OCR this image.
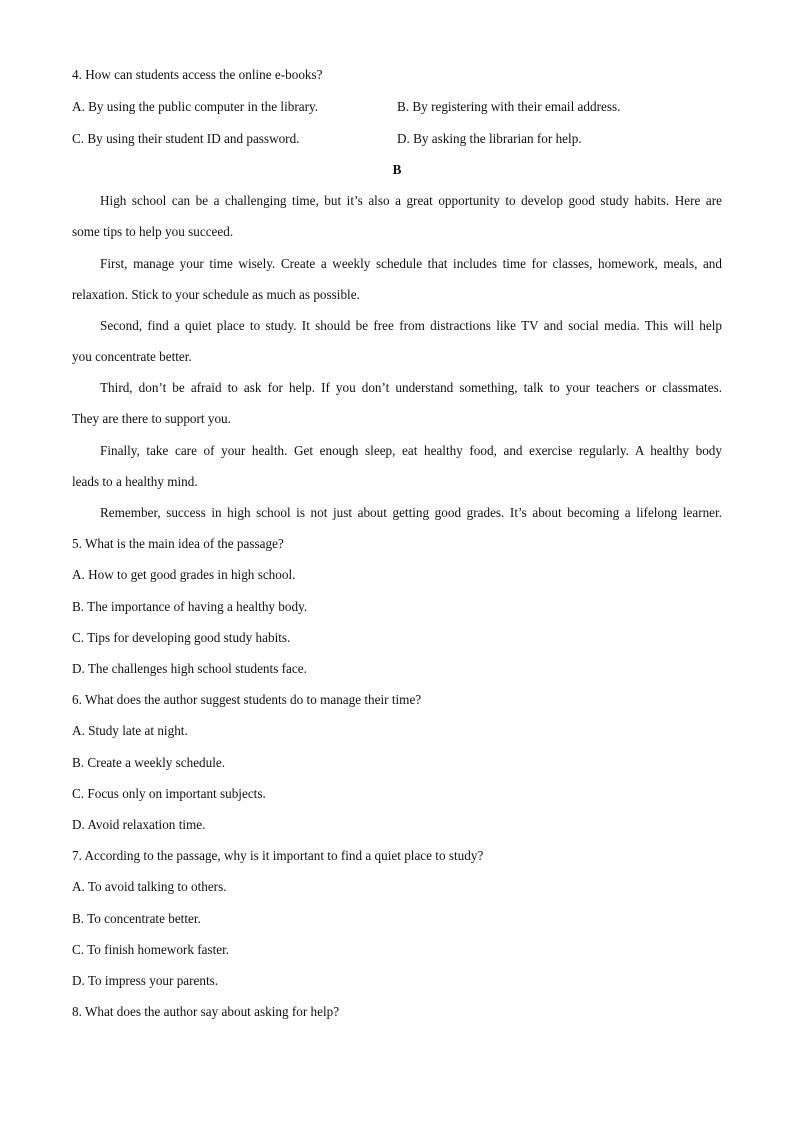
4. How can students access the online e-books?
A. By using the public computer in the library.	B. By registering with their email address.
C. By using their student ID and password.	D. By asking the librarian for help.
B
High school can be a challenging time, but it’s also a great opportunity to develop good study habits. Here are
some tips to help you succeed.
First, manage your time wisely. Create a weekly schedule that includes time for classes, homework, meals, and
relaxation. Stick to your schedule as much as possible.
Second, find a quiet place to study. It should be free from distractions like TV and social media. This will help
you concentrate better.
Third, don’t be afraid to ask for help. If you don’t understand something, talk to your teachers or classmates.
They are there to support you.
Finally, take care of your health. Get enough sleep, eat healthy food, and exercise regularly. A healthy body
leads to a healthy mind.
Remember, success in high school is not just about getting good grades. It’s about becoming a lifelong learner.
5. What is the main idea of the passage?
A. How to get good grades in high school.
B. The importance of having a healthy body.
C. Tips for developing good study habits.
D. The challenges high school students face.
6. What does the author suggest students do to manage their time?
A. Study late at night.
B. Create a weekly schedule.
C. Focus only on important subjects.
D. Avoid relaxation time.
7. According to the passage, why is it important to find a quiet place to study?
A. To avoid talking to others.
B. To concentrate better.
C. To finish homework faster.
D. To impress your parents.
8. What does the author say about asking for help?
